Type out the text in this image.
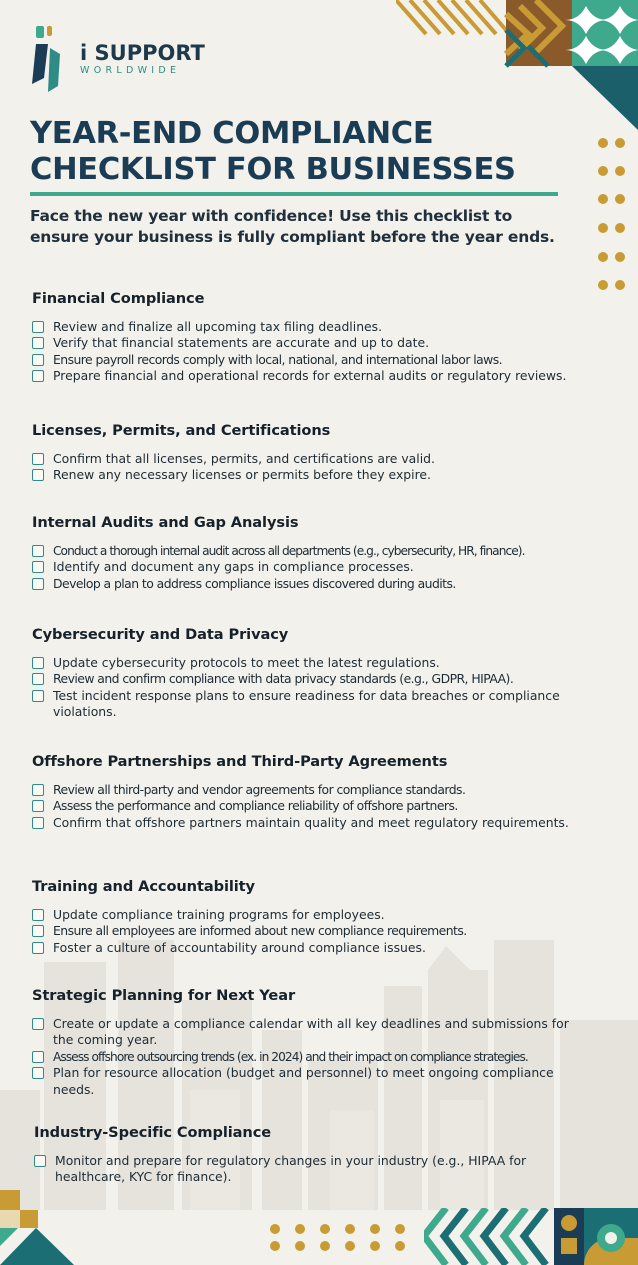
i SUPPORT
WORLDWIDE
YEAR-END COMPLIANCE
CHECKLIST FOR BUSINESSES
Face the new year with confidence! Use this checklist to ensure your business is fully compliant before the year ends.
Financial Compliance
Review and finalize all upcoming tax filing deadlines.
Verify that financial statements are accurate and up to date.
Ensure payroll records comply with local, national, and international labor laws.
Prepare financial and operational records for external audits or regulatory reviews.
Licenses, Permits, and Certifications
Confirm that all licenses, permits, and certifications are valid.
Renew any necessary licenses or permits before they expire.
Internal Audits and Gap Analysis
Conduct a thorough internal audit across all departments (e.g., cybersecurity, HR, finance).
Identify and document any gaps in compliance processes.
Develop a plan to address compliance issues discovered during audits.
Cybersecurity and Data Privacy
Update cybersecurity protocols to meet the latest regulations.
Review and confirm compliance with data privacy standards (e.g., GDPR, HIPAA).
Test incident response plans to ensure readiness for data breaches or compliance violations.
Offshore Partnerships and Third-Party Agreements
Review all third-party and vendor agreements for compliance standards.
Assess the performance and compliance reliability of offshore partners.
Confirm that offshore partners maintain quality and meet regulatory requirements.
Training and Accountability
Update compliance training programs for employees.
Ensure all employees are informed about new compliance requirements.
Foster a culture of accountability around compliance issues.
Strategic Planning for Next Year
Create or update a compliance calendar with all key deadlines and submissions for the coming year.
Assess offshore outsourcing trends (ex. in 2024) and their impact on compliance strategies.
Plan for resource allocation (budget and personnel) to meet ongoing compliance needs.
Industry-Specific Compliance
Monitor and prepare for regulatory changes in your industry (e.g., HIPAA for healthcare, KYC for finance).
